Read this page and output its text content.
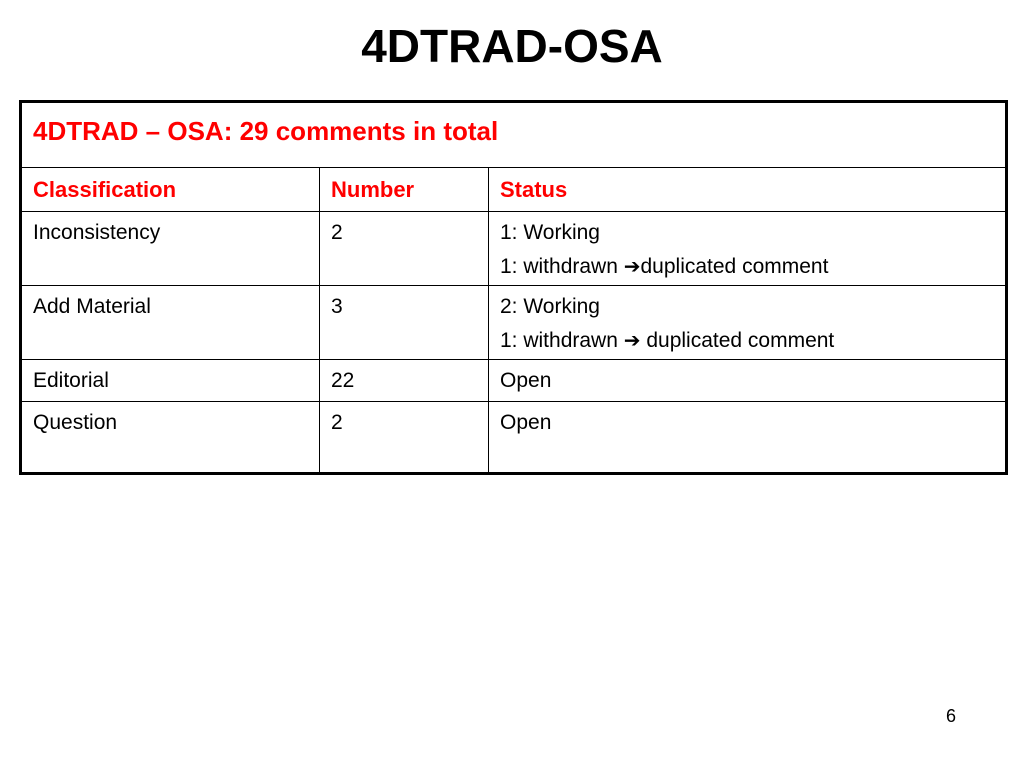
4DTRAD-OSA
4DTRAD – OSA: 29 comments in total		
Classification	Number	Status
Inconsistency	2	1: Working
1: withdrawn ➔duplicated comment

Add Material	3	2: Working
1: withdrawn ➔ duplicated comment

Editorial	22	Open

Question	2	Open
6
